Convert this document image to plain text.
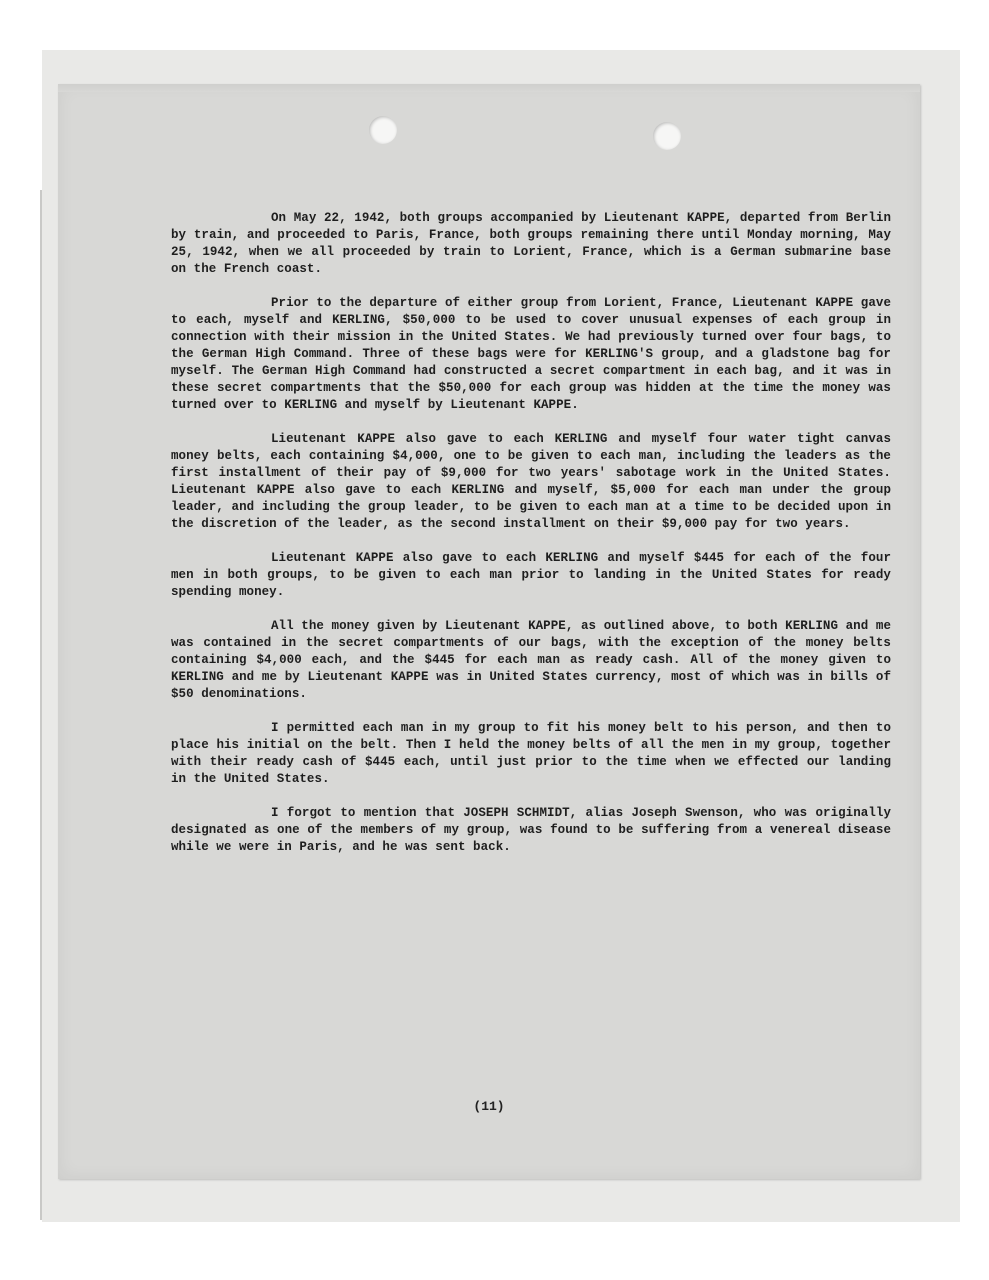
On May 22, 1942, both groups accompanied by Lieutenant KAPPE, departed from Berlin by train, and proceeded to Paris, France, both groups remaining there until Monday morning, May 25, 1942, when we all proceeded by train to Lorient, France, which is a German submarine base on the French coast.

Prior to the departure of either group from Lorient, France, Lieutenant KAPPE gave to each, myself and KERLING, $50,000 to be used to cover unusual expenses of each group in connection with their mission in the United States. We had previously turned over four bags, to the German High Command. Three of these bags were for KERLING'S group, and a gladstone bag for myself. The German High Command had constructed a secret compartment in each bag, and it was in these secret compartments that the $50,000 for each group was hidden at the time the money was turned over to KERLING and myself by Lieutenant KAPPE.

Lieutenant KAPPE also gave to each KERLING and myself four water tight canvas money belts, each containing $4,000, one to be given to each man, including the leaders as the first installment of their pay of $9,000 for two years' sabotage work in the United States. Lieutenant KAPPE also gave to each KERLING and myself, $5,000 for each man under the group leader, and including the group leader, to be given to each man at a time to be decided upon in the discretion of the leader, as the second installment on their $9,000 pay for two years.

Lieutenant KAPPE also gave to each KERLING and myself $445 for each of the four men in both groups, to be given to each man prior to landing in the United States for ready spending money.

All the money given by Lieutenant KAPPE, as outlined above, to both KERLING and me was contained in the secret compartments of our bags, with the exception of the money belts containing $4,000 each, and the $445 for each man as ready cash. All of the money given to KERLING and me by Lieutenant KAPPE was in United States currency, most of which was in bills of $50 denominations.

I permitted each man in my group to fit his money belt to his person, and then to place his initial on the belt. Then I held the money belts of all the men in my group, together with their ready cash of $445 each, until just prior to the time when we effected our landing in the United States.

I forgot to mention that JOSEPH SCHMIDT, alias Joseph Swenson, who was originally designated as one of the members of my group, was found to be suffering from a venereal disease while we were in Paris, and he was sent back.

(11)
